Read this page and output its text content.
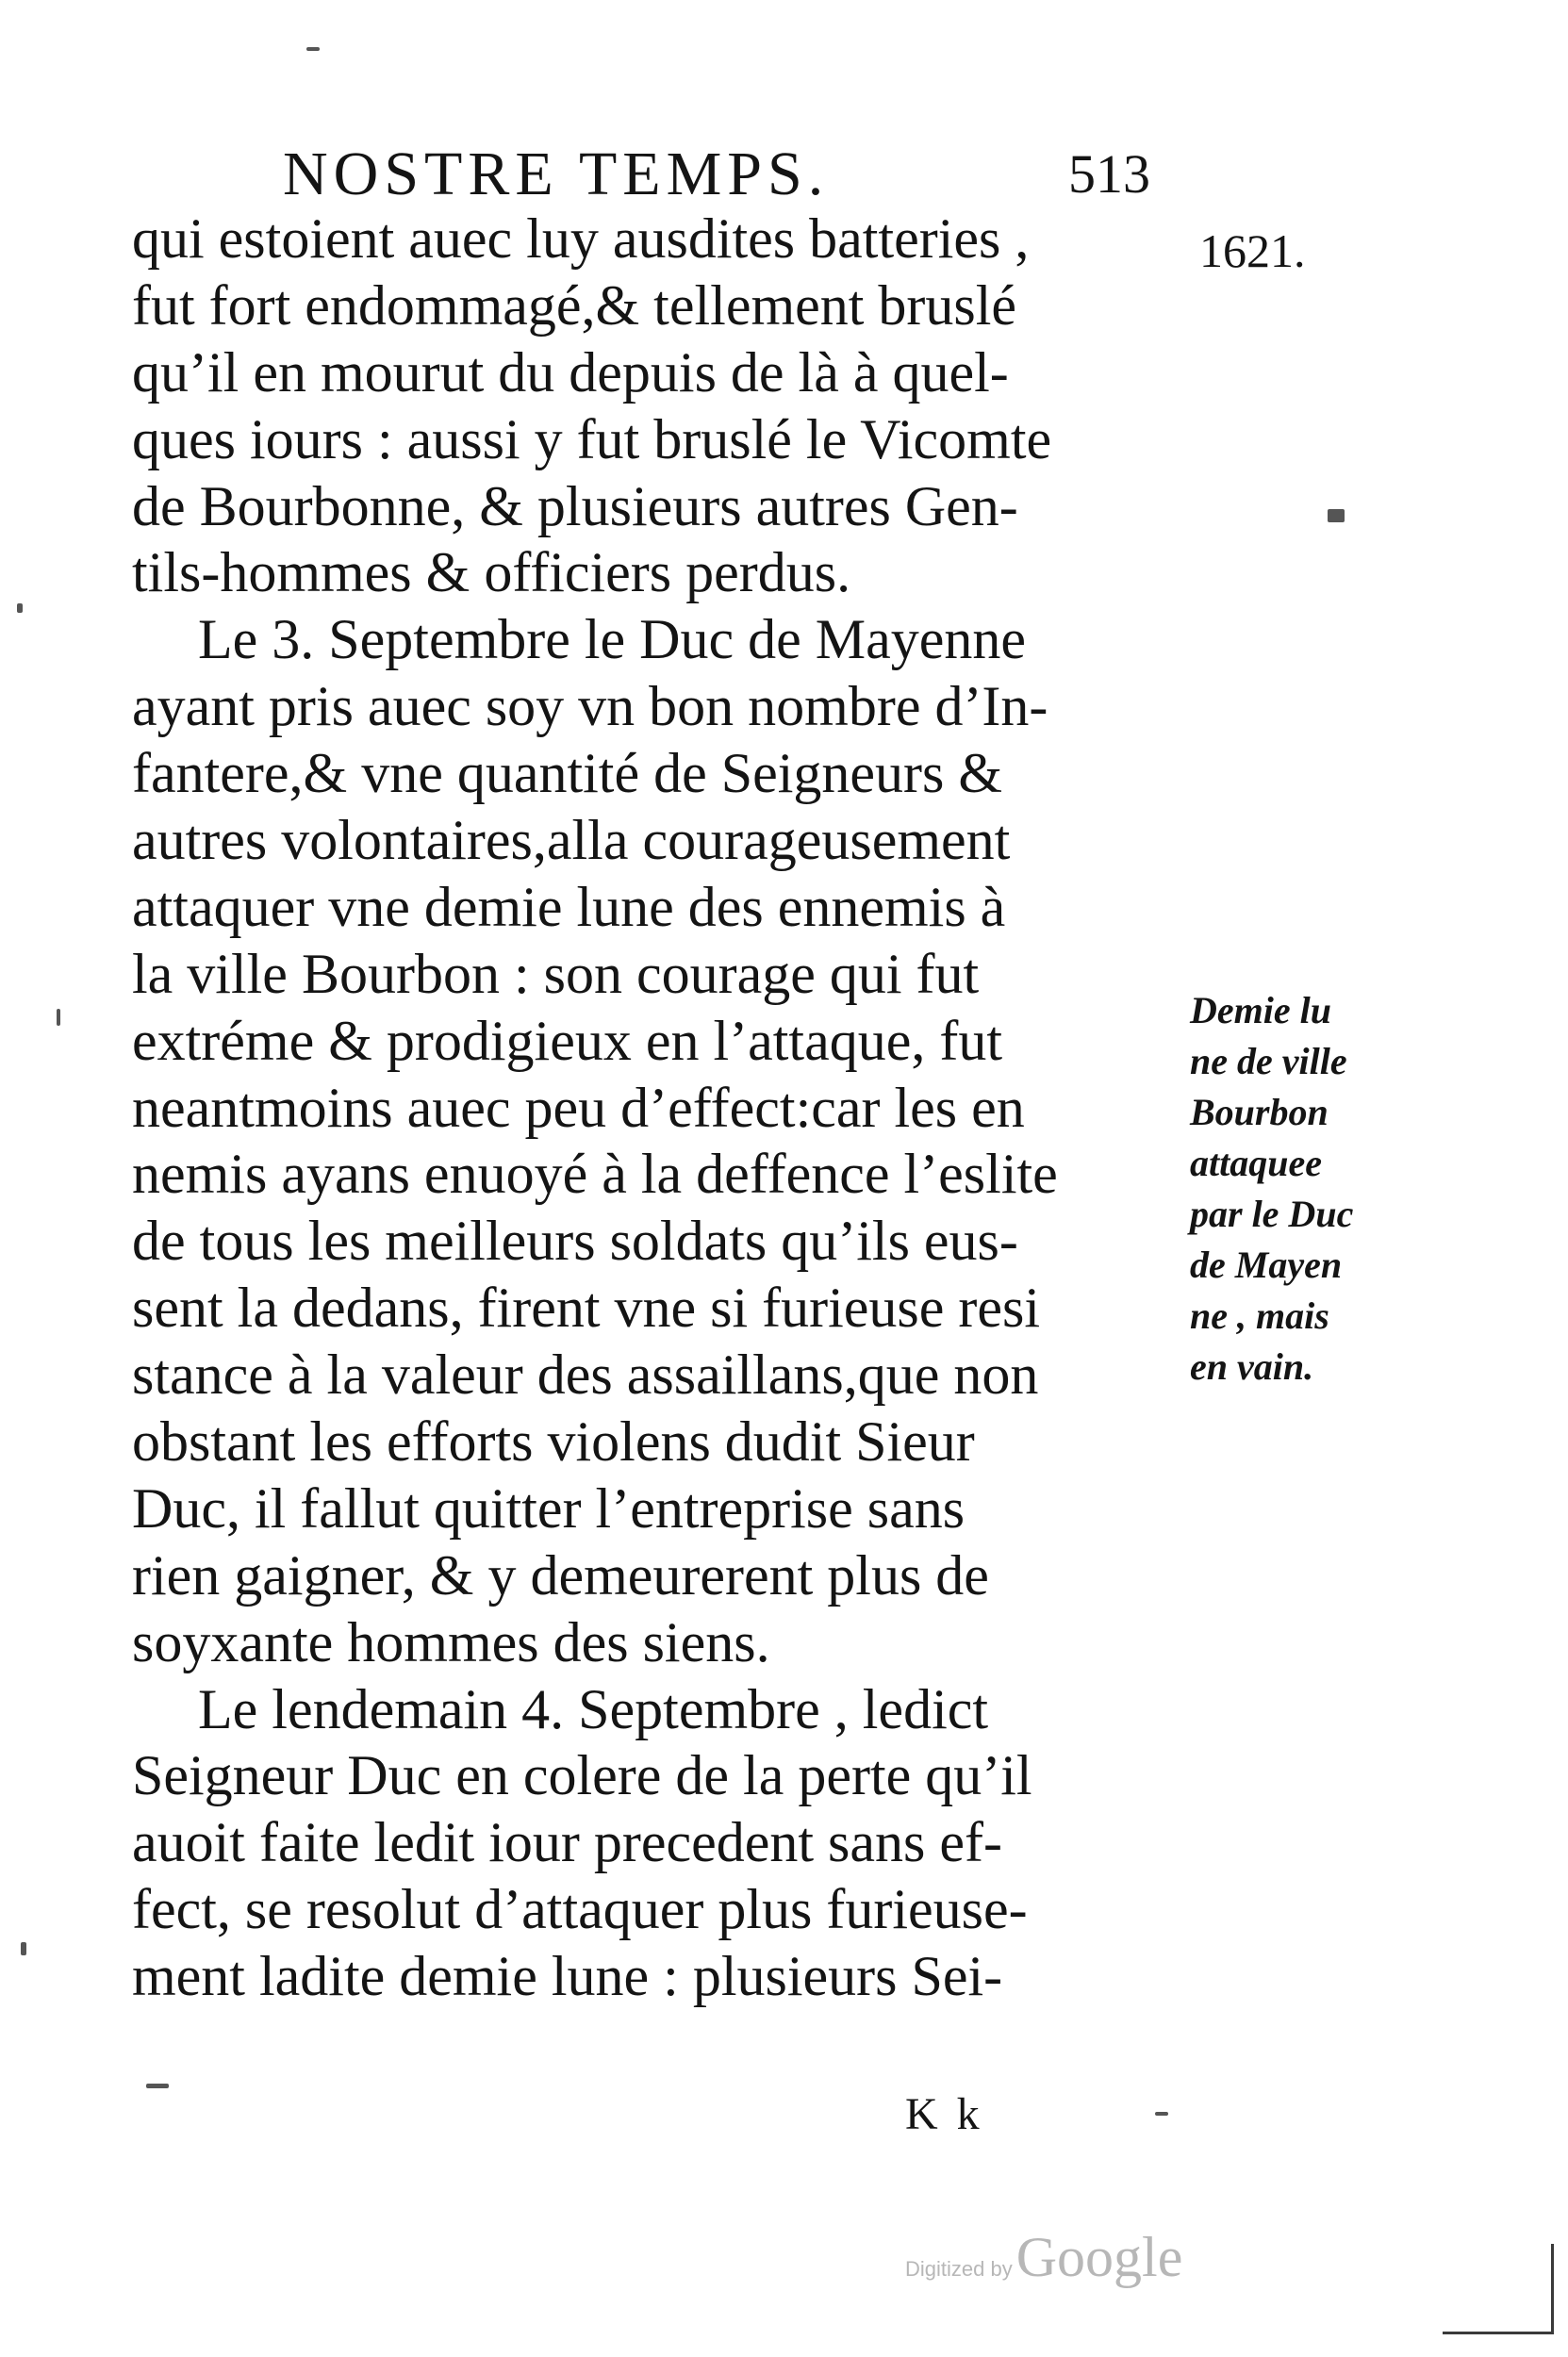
NOSTRE TEMPS.	513
1621.
qui estoient auec luy ausdites batteries ,
fut fort endommagé,& tellement bruslé
qu’il en mourut du depuis de là à quel-
ques iours : aussi y fut bruslé le Vicomte
de Bourbonne, & plusieurs autres Gen-
tils-hommes & officiers perdus.
Le 3. Septembre le Duc de Mayenne
ayant pris auec soy vn bon nombre d’In-
fantere,& vne quantité de Seigneurs &
autres volontaires,alla courageusement
attaquer vne demie lune des ennemis à
la ville Bourbon : son courage qui fut
extréme & prodigieux en l’attaque, fut
neantmoins auec peu d’effect:car les en
nemis ayans enuoyé à la deffence l’eslite
de tous les meilleurs soldats qu’ils eus-
sent la dedans, firent vne si furieuse resi
stance à la valeur des assaillans,que non
obstant les efforts violens dudit Sieur
Duc, il fallut quitter l’entreprise sans
rien gaigner, & y demeurerent plus de
soyxante hommes des siens.
Le lendemain 4. Septembre , ledict
Seigneur Duc en colere de la perte qu’il
auoit faite ledit iour precedent sans ef-
fect, se resolut d’attaquer plus furieuse-
ment ladite demie lune : plusieurs Sei-
Demie lu
ne de ville
Bourbon
attaquee
par le Duc
de Mayen
ne , mais
en vain.
K k
Digitized by Google
